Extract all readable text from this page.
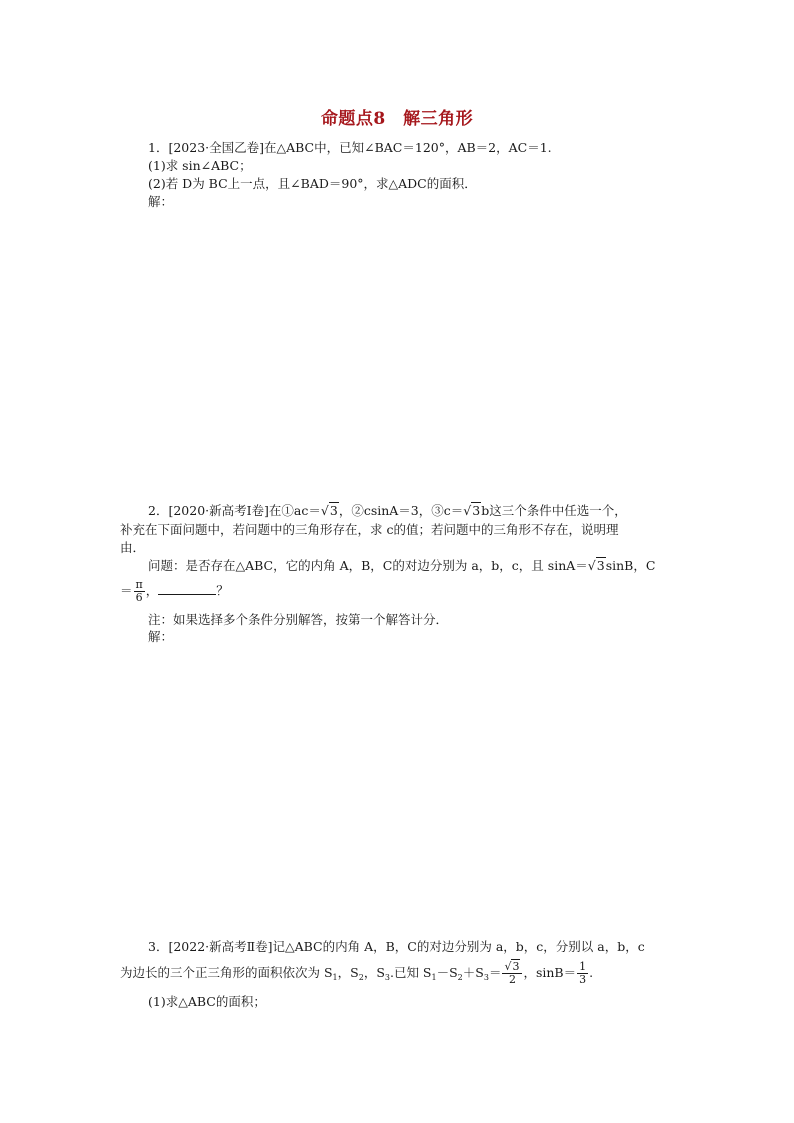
命题点8　解三角形
1．[2023·全国乙卷]在△ABC中，已知∠BAC＝120°，AB＝2，AC＝1.
(1)求 sin∠ABC；
(2)若 D为 BC上一点，且∠BAD＝90°，求△ADC的面积．
解：
2．[2020·新高考Ⅰ卷]在①ac＝√3，②csinA＝3，③c＝√3b这三个条件中任选一个，
补充在下面问题中，若问题中的三角形存在，求 c的值；若问题中的三角形不存在，说明理
由．
问题：是否存在△ABC，它的内角 A，B，C的对边分别为 a，b，c，且 sinA＝√3sinB，C
＝ $\frac{\pi}{6}$ ，	？
注：如果选择多个条件分别解答，按第一个解答计分．
解：
3．[2022·新高考Ⅱ卷]记△ABC的内角 A，B，C的对边分别为 a，b，c，分别以 a，b，c
为边长的三个正三角形的面积依次为 $S_1$，$S_2$，$S_3$.已知 $S_1-S_2+S_3= \frac{√3}{2}$ ，$\sin B= \frac{1}{3}$ .
(1)求△ABC的面积；
